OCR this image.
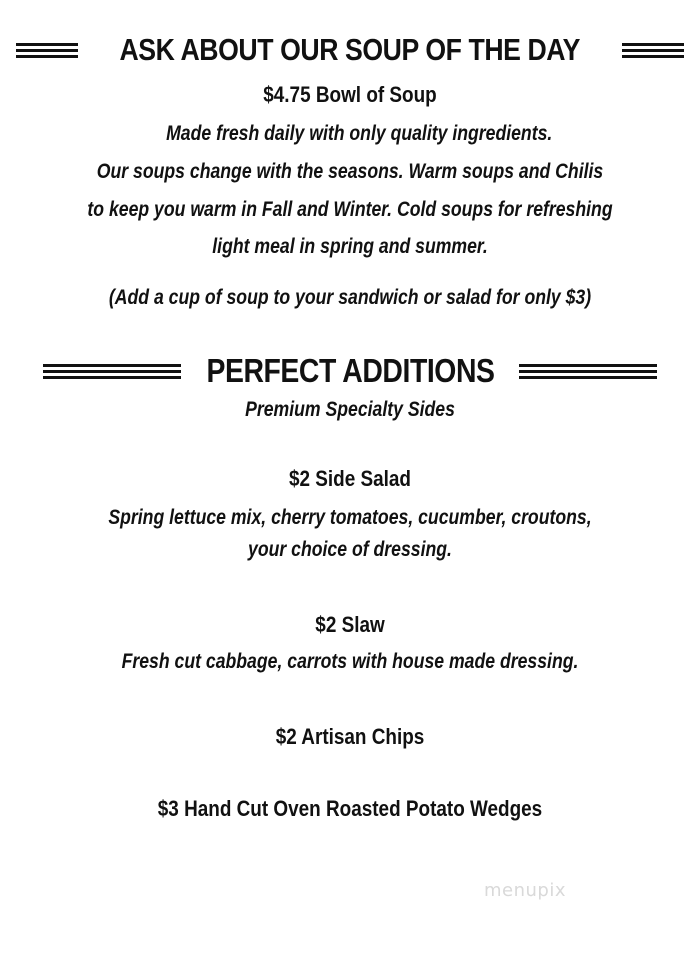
ASK ABOUT OUR SOUP OF THE DAY
$4.75 Bowl of Soup
Made fresh daily with only quality ingredients.
Our soups change with the seasons. Warm soups and Chilis
to keep you warm in Fall and Winter. Cold soups for refreshing
light meal in spring and summer.
(Add a cup of soup to your sandwich or salad for only $3)
PERFECT ADDITIONS
Premium Specialty Sides
$2 Side Salad
Spring lettuce mix, cherry tomatoes, cucumber, croutons,
your choice of dressing.
$2 Slaw
Fresh cut cabbage, carrots with house made dressing.
$2 Artisan Chips
$3 Hand Cut Oven Roasted Potato Wedges
menupix
